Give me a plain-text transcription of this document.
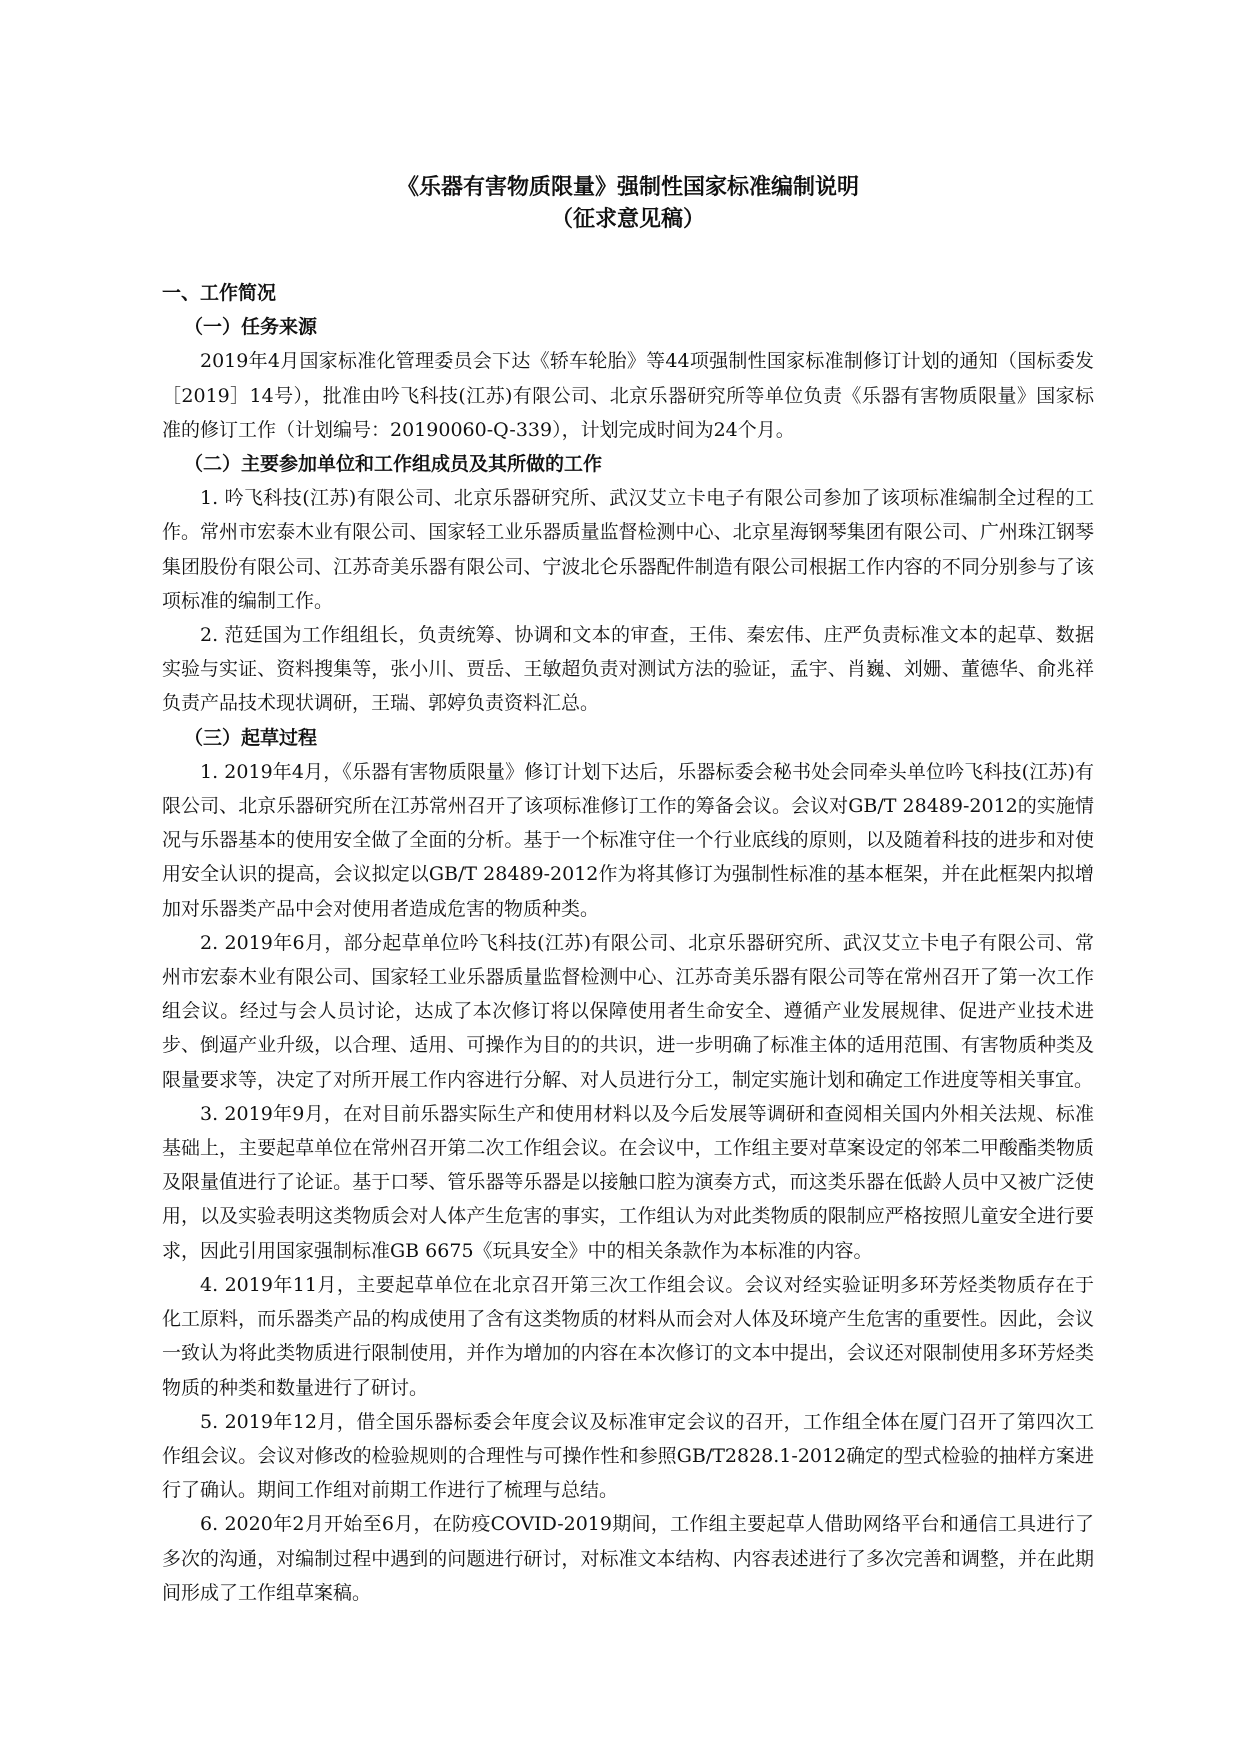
《乐器有害物质限量》强制性国家标准编制说明
（征求意见稿）
一、工作简况
（一）任务来源
2019年4月国家标准化管理委员会下达《轿车轮胎》等44项强制性国家标准制修订计划的通知（国标委发［2019］14号），批准由吟飞科技(江苏)有限公司、北京乐器研究所等单位负责《乐器有害物质限量》国家标准的修订工作（计划编号：20190060-Q-339），计划完成时间为24个月。
（二）主要参加单位和工作组成员及其所做的工作
1. 吟飞科技(江苏)有限公司、北京乐器研究所、武汉艾立卡电子有限公司参加了该项标准编制全过程的工作。常州市宏泰木业有限公司、国家轻工业乐器质量监督检测中心、北京星海钢琴集团有限公司、广州珠江钢琴集团股份有限公司、江苏奇美乐器有限公司、宁波北仑乐器配件制造有限公司根据工作内容的不同分别参与了该项标准的编制工作。
2. 范廷国为工作组组长，负责统筹、协调和文本的审查，王伟、秦宏伟、庄严负责标准文本的起草、数据实验与实证、资料搜集等，张小川、贾岳、王敏超负责对测试方法的验证，孟宇、肖巍、刘姗、董德华、俞兆祥负责产品技术现状调研，王瑞、郭婷负责资料汇总。
（三）起草过程
1. 2019年4月，《乐器有害物质限量》修订计划下达后，乐器标委会秘书处会同牵头单位吟飞科技(江苏)有限公司、北京乐器研究所在江苏常州召开了该项标准修订工作的筹备会议。会议对GB/T 28489-2012的实施情况与乐器基本的使用安全做了全面的分析。基于一个标准守住一个行业底线的原则，以及随着科技的进步和对使用安全认识的提高，会议拟定以GB/T 28489-2012作为将其修订为强制性标准的基本框架，并在此框架内拟增加对乐器类产品中会对使用者造成危害的物质种类。
2. 2019年6月，部分起草单位吟飞科技(江苏)有限公司、北京乐器研究所、武汉艾立卡电子有限公司、常州市宏泰木业有限公司、国家轻工业乐器质量监督检测中心、江苏奇美乐器有限公司等在常州召开了第一次工作组会议。经过与会人员讨论，达成了本次修订将以保障使用者生命安全、遵循产业发展规律、促进产业技术进步、倒逼产业升级，以合理、适用、可操作为目的的共识，进一步明确了标准主体的适用范围、有害物质种类及限量要求等，决定了对所开展工作内容进行分解、对人员进行分工，制定实施计划和确定工作进度等相关事宜。
3. 2019年9月，在对目前乐器实际生产和使用材料以及今后发展等调研和查阅相关国内外相关法规、标准基础上，主要起草单位在常州召开第二次工作组会议。在会议中，工作组主要对草案设定的邻苯二甲酸酯类物质及限量值进行了论证。基于口琴、管乐器等乐器是以接触口腔为演奏方式，而这类乐器在低龄人员中又被广泛使用，以及实验表明这类物质会对人体产生危害的事实，工作组认为对此类物质的限制应严格按照儿童安全进行要求，因此引用国家强制标准GB 6675《玩具安全》中的相关条款作为本标准的内容。
4. 2019年11月，主要起草单位在北京召开第三次工作组会议。会议对经实验证明多环芳烃类物质存在于化工原料，而乐器类产品的构成使用了含有这类物质的材料从而会对人体及环境产生危害的重要性。因此，会议一致认为将此类物质进行限制使用，并作为增加的内容在本次修订的文本中提出，会议还对限制使用多环芳烃类物质的种类和数量进行了研讨。
5. 2019年12月，借全国乐器标委会年度会议及标准审定会议的召开，工作组全体在厦门召开了第四次工作组会议。会议对修改的检验规则的合理性与可操作性和参照GB/T2828.1-2012确定的型式检验的抽样方案进行了确认。期间工作组对前期工作进行了梳理与总结。
6. 2020年2月开始至6月，在防疫COVID-2019期间，工作组主要起草人借助网络平台和通信工具进行了多次的沟通，对编制过程中遇到的问题进行研讨，对标准文本结构、内容表述进行了多次完善和调整，并在此期间形成了工作组草案稿。
